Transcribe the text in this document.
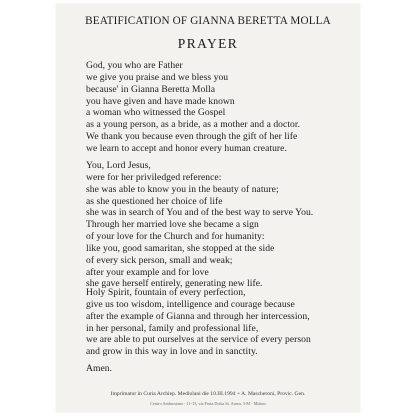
BEATIFICATION OF GIANNA BERETTA MOLLA
PRAYER
God, you who are Father
we give you praise and we bless you
because' in Gianna Beretta Molla
you have given and have made known
a woman who witnessed the Gospel
as a young person, as a bride, as a mother and a doctor.
We thank you because even through the gift of her life
we learn to accept and honor every human creature.
You, Lord Jesus,
were for her priviledged reference:
she was able to know you in the beauty of nature;
as she questioned her choice of life
she was in search of You and of the best way to serve You.
Through her married love she became a sign
of your love for the Church and for humanity:
like you, good samaritan, she stopped at the side
of every sick person, small and weak;
after your example and for love
she gave herself entirely, generating new life.
Holy Spirit, fountain of every perfection,
give us too wisdom, intelligence and courage because
after the example of Gianna and through her intercession,
in her personal, family and professional life,
we are able to put ourselves at the service of every person
and grow in this way in love and in sanctity.
Amen.
Imprimatur in Curia Archiep. Mediolani die 10.III.1994 + A. Mascheroni, Provic. Gen.
Centro Ambrosiano - 11-13, via Porta Dritta St. Aurea, 3-M - Milano
